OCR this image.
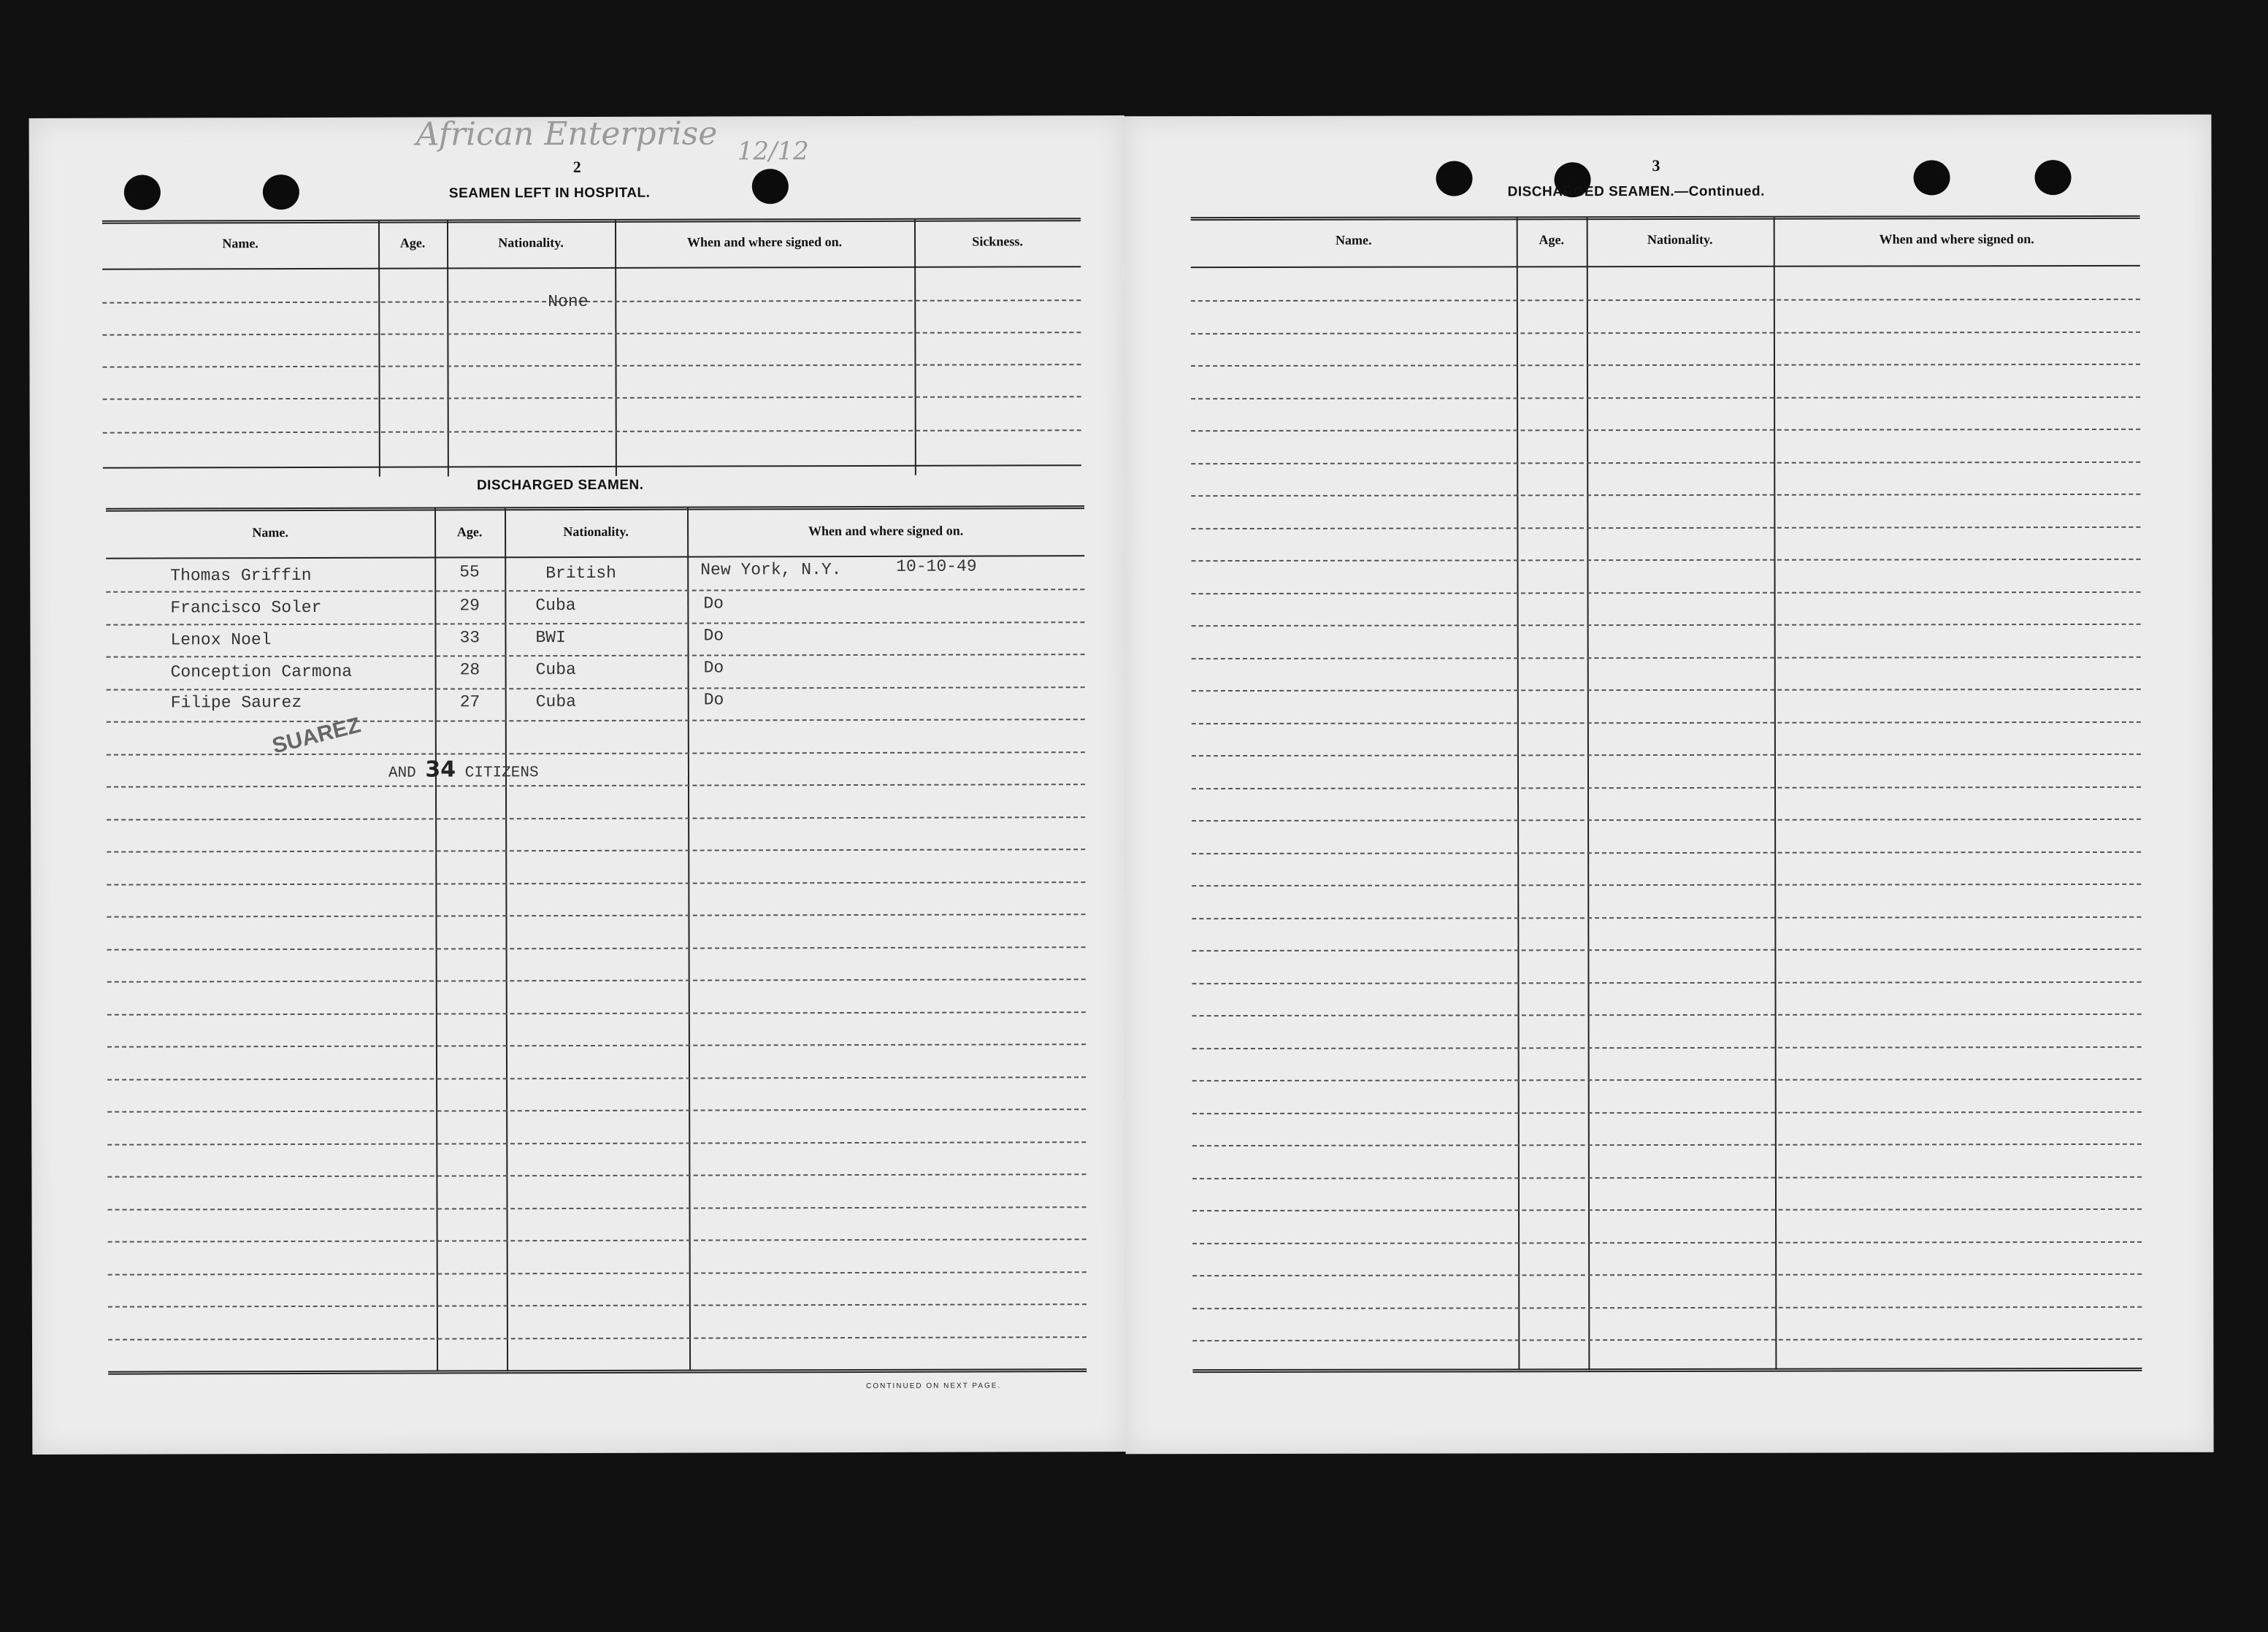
African Enterprise 12/12
2
SEAMEN LEFT IN HOSPITAL.
Name.	Age.	Nationality.	When and where signed on.	Sickness.
None
DISCHARGED SEAMEN.
Name.	Age.	Nationality.	When and where signed on.
Thomas Griffin	55	British	New York, N.Y.	10-10-49
Francisco Soler	29	Cuba	Do
Lenox Noel	33	BWI	Do
Conception Carmona	28	Cuba	Do
Filipe Saurez	27	Cuba	Do
SUAREZ
AND 34 CITIZENS
CONTINUED ON NEXT PAGE.
3
DISCHARGED SEAMEN.—Continued.
Name.	Age.	Nationality.	When and where signed on.
